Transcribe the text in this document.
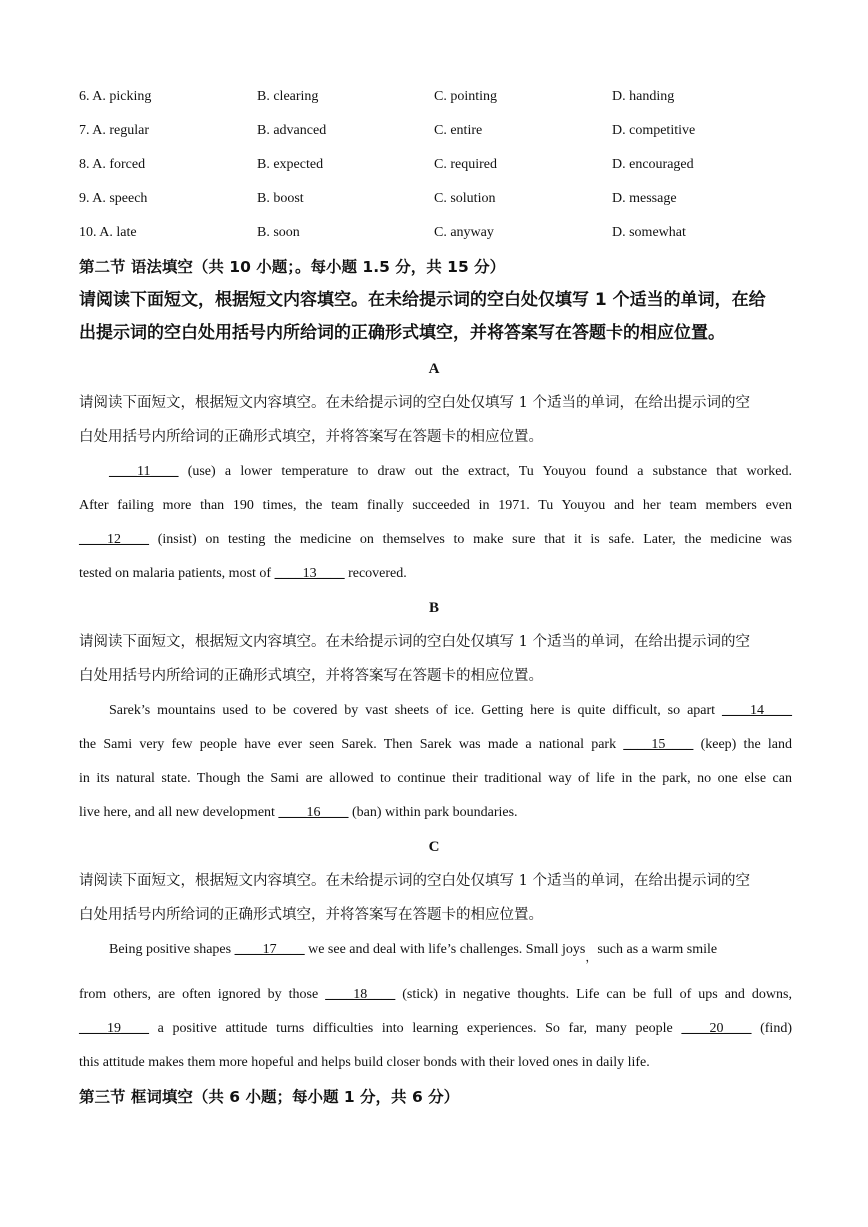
6. A. picking	B. clearing	C. pointing	D. handing
7. A. regular	B. advanced	C. entire	D. competitive
8. A. forced	B. expected	C. required	D. encouraged
9. A. speech	B. boost	C. solution	D. message
10. A. late	B. soon	C. anyway	D. somewhat
第二节 语法填空（共 10 小题；。每小题 1.5 分，共 15 分）
请阅读下面短文，根据短文内容填空。在未给提示词的空白处仅填写 1 个适当的单词，在给
出提示词的空白处用括号内所给词的正确形式填空，并将答案写在答题卡的相应位置。
A
请阅读下面短文，根据短文内容填空。在未给提示词的空白处仅填写 1 个适当的单词，在给出提示词的空
白处用括号内所给词的正确形式填空，并将答案写在答题卡的相应位置。
____11____ (use) a lower temperature to draw out the extract, Tu Youyou found a substance that worked.
After failing more than 190 times, the team finally succeeded in 1971. Tu Youyou and her team members even
____12____ (insist) on testing the medicine on themselves to make sure that it is safe. Later, the medicine was
tested on malaria patients, most of ____13____ recovered.
B
请阅读下面短文，根据短文内容填空。在未给提示词的空白处仅填写 1 个适当的单词，在给出提示词的空
白处用括号内所给词的正确形式填空，并将答案写在答题卡的相应位置。
Sarek’s mountains used to be covered by vast sheets of ice. Getting here is quite difficult, so apart ____14____
the Sami very few people have ever seen Sarek. Then Sarek was made a national park ____15____ (keep) the land
in its natural state. Though the Sami are allowed to continue their traditional way of life in the park, no one else can
live here, and all new development ____16____ (ban) within park boundaries.
C
请阅读下面短文，根据短文内容填空。在未给提示词的空白处仅填写 1 个适当的单词，在给出提示词的空
白处用括号内所给词的正确形式填空，并将答案写在答题卡的相应位置。
Being positive shapes ____17____ we see and deal with life’s challenges. Small joys，such as a warm smile
from others, are often ignored by those ____18____ (stick) in negative thoughts. Life can be full of ups and downs,
____19____ a positive attitude turns difficulties into learning experiences. So far, many people ____20____ (find)
this attitude makes them more hopeful and helps build closer bonds with their loved ones in daily life.
第三节 框词填空（共 6 小题；每小题 1 分，共 6 分）
